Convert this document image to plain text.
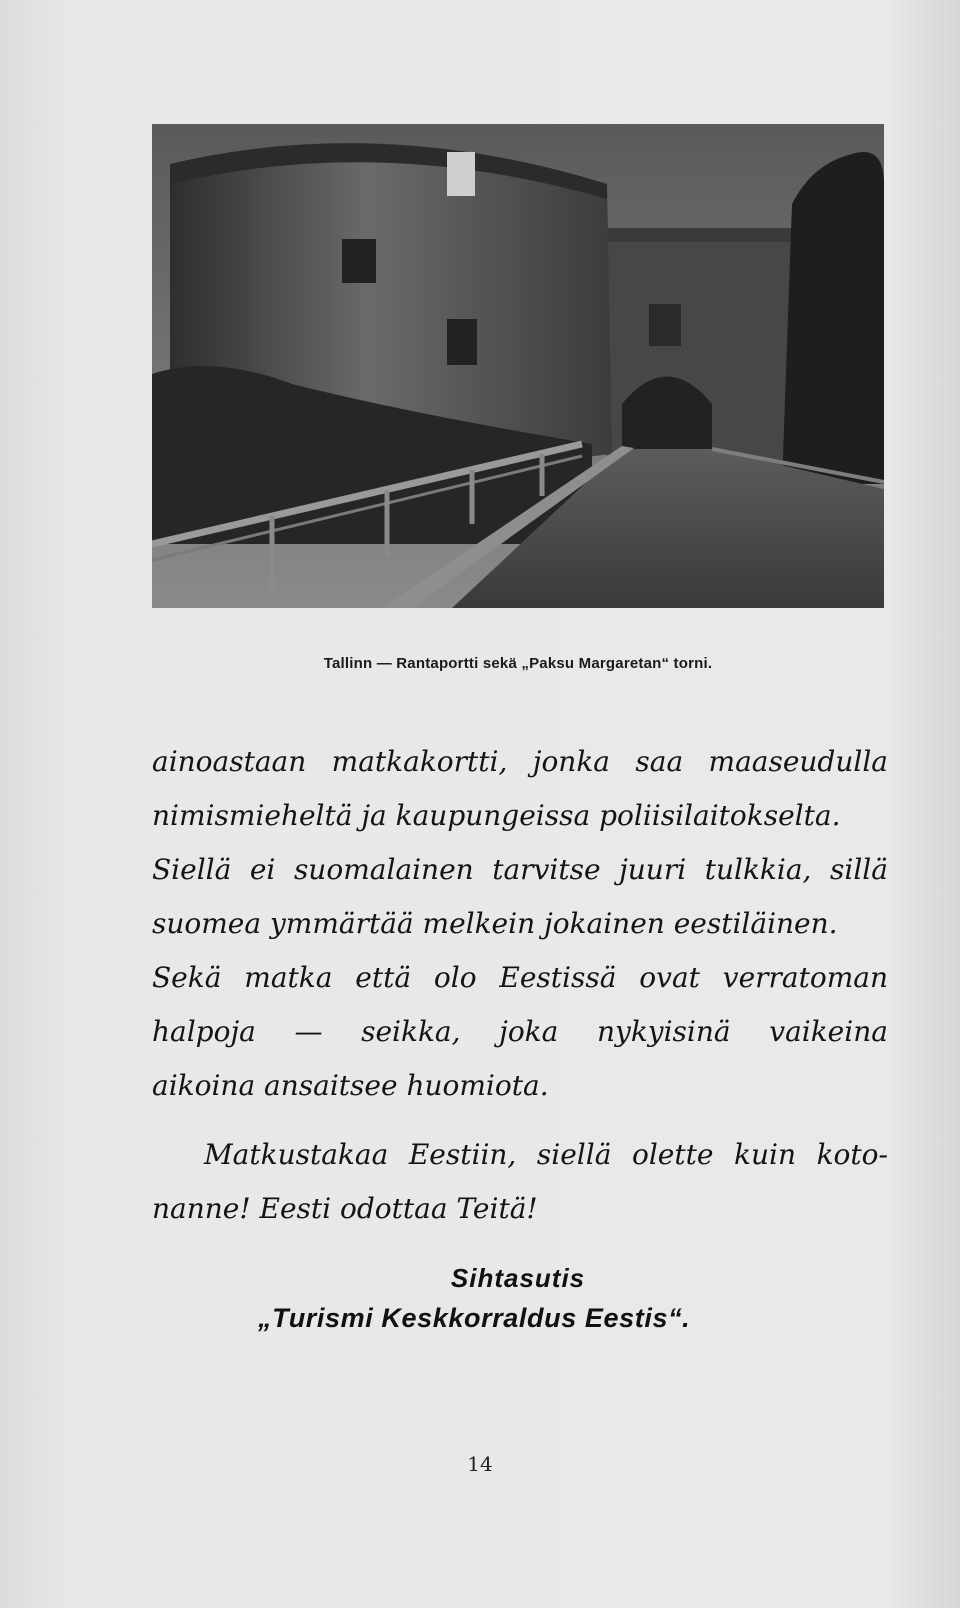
Tallinn — Rantaportti sekä „Paksu Margaretan“ torni.
ainoastaan matkakortti, jonka saa maaseudulla
nimismieheltä ja kaupungeissa poliisilaitokselta.
Siellä ei suomalainen tarvitse juuri tulkkia, sillä
suomea ymmärtää melkein jokainen eestiläinen.
Sekä matka että olo Eestissä ovat verratoman
halpoja — seikka, joka nykyisinä vaikeina
aikoina ansaitsee huomiota.
Matkustakaa Eestiin, siellä olette kuin koto-
nanne! Eesti odottaa Teitä!
Sihtasutis
„Turismi Keskkorraldus Eestis“.
14
